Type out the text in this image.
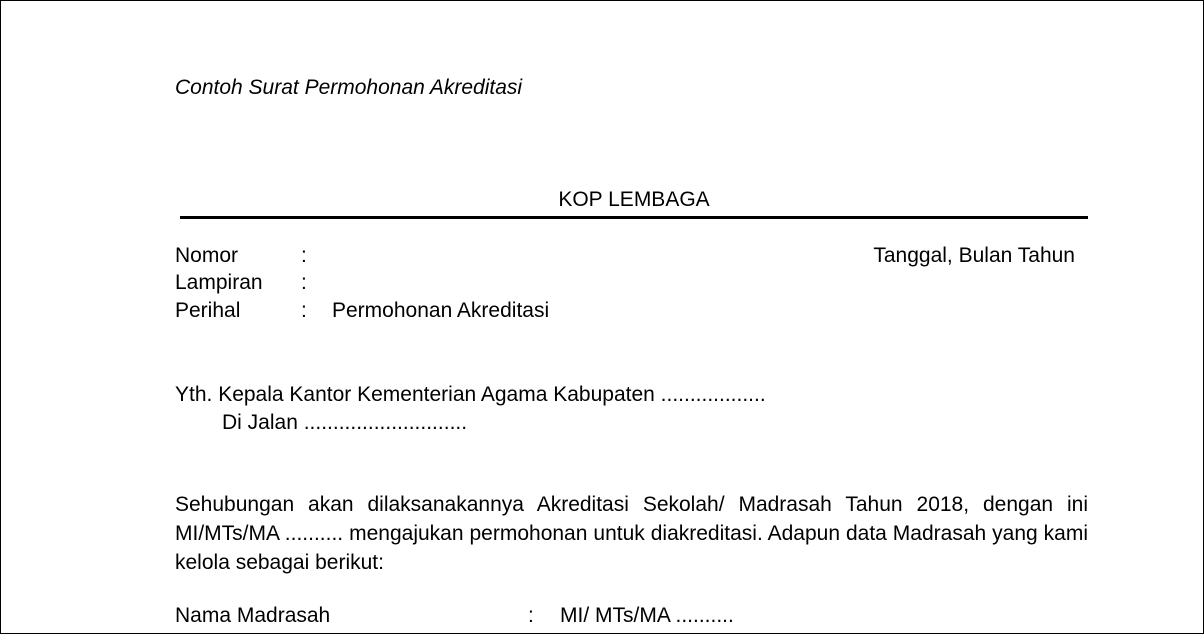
Contoh Surat Permohonan Akreditasi
KOP LEMBAGA
Nomor	:
Lampiran :
Perihal	: Permohonan Akreditasi
Tanggal, Bulan Tahun
Yth. Kepala Kantor Kementerian Agama Kabupaten ..................
Di Jalan ............................
Sehubungan akan dilaksanakannya Akreditasi Sekolah/ Madrasah Tahun 2018, dengan ini MI/MTs/MA .......... mengajukan permohonan untuk diakreditasi. Adapun data Madrasah yang kami kelola sebagai berikut:
Nama Madrasah	: MI/ MTs/MA ..........
